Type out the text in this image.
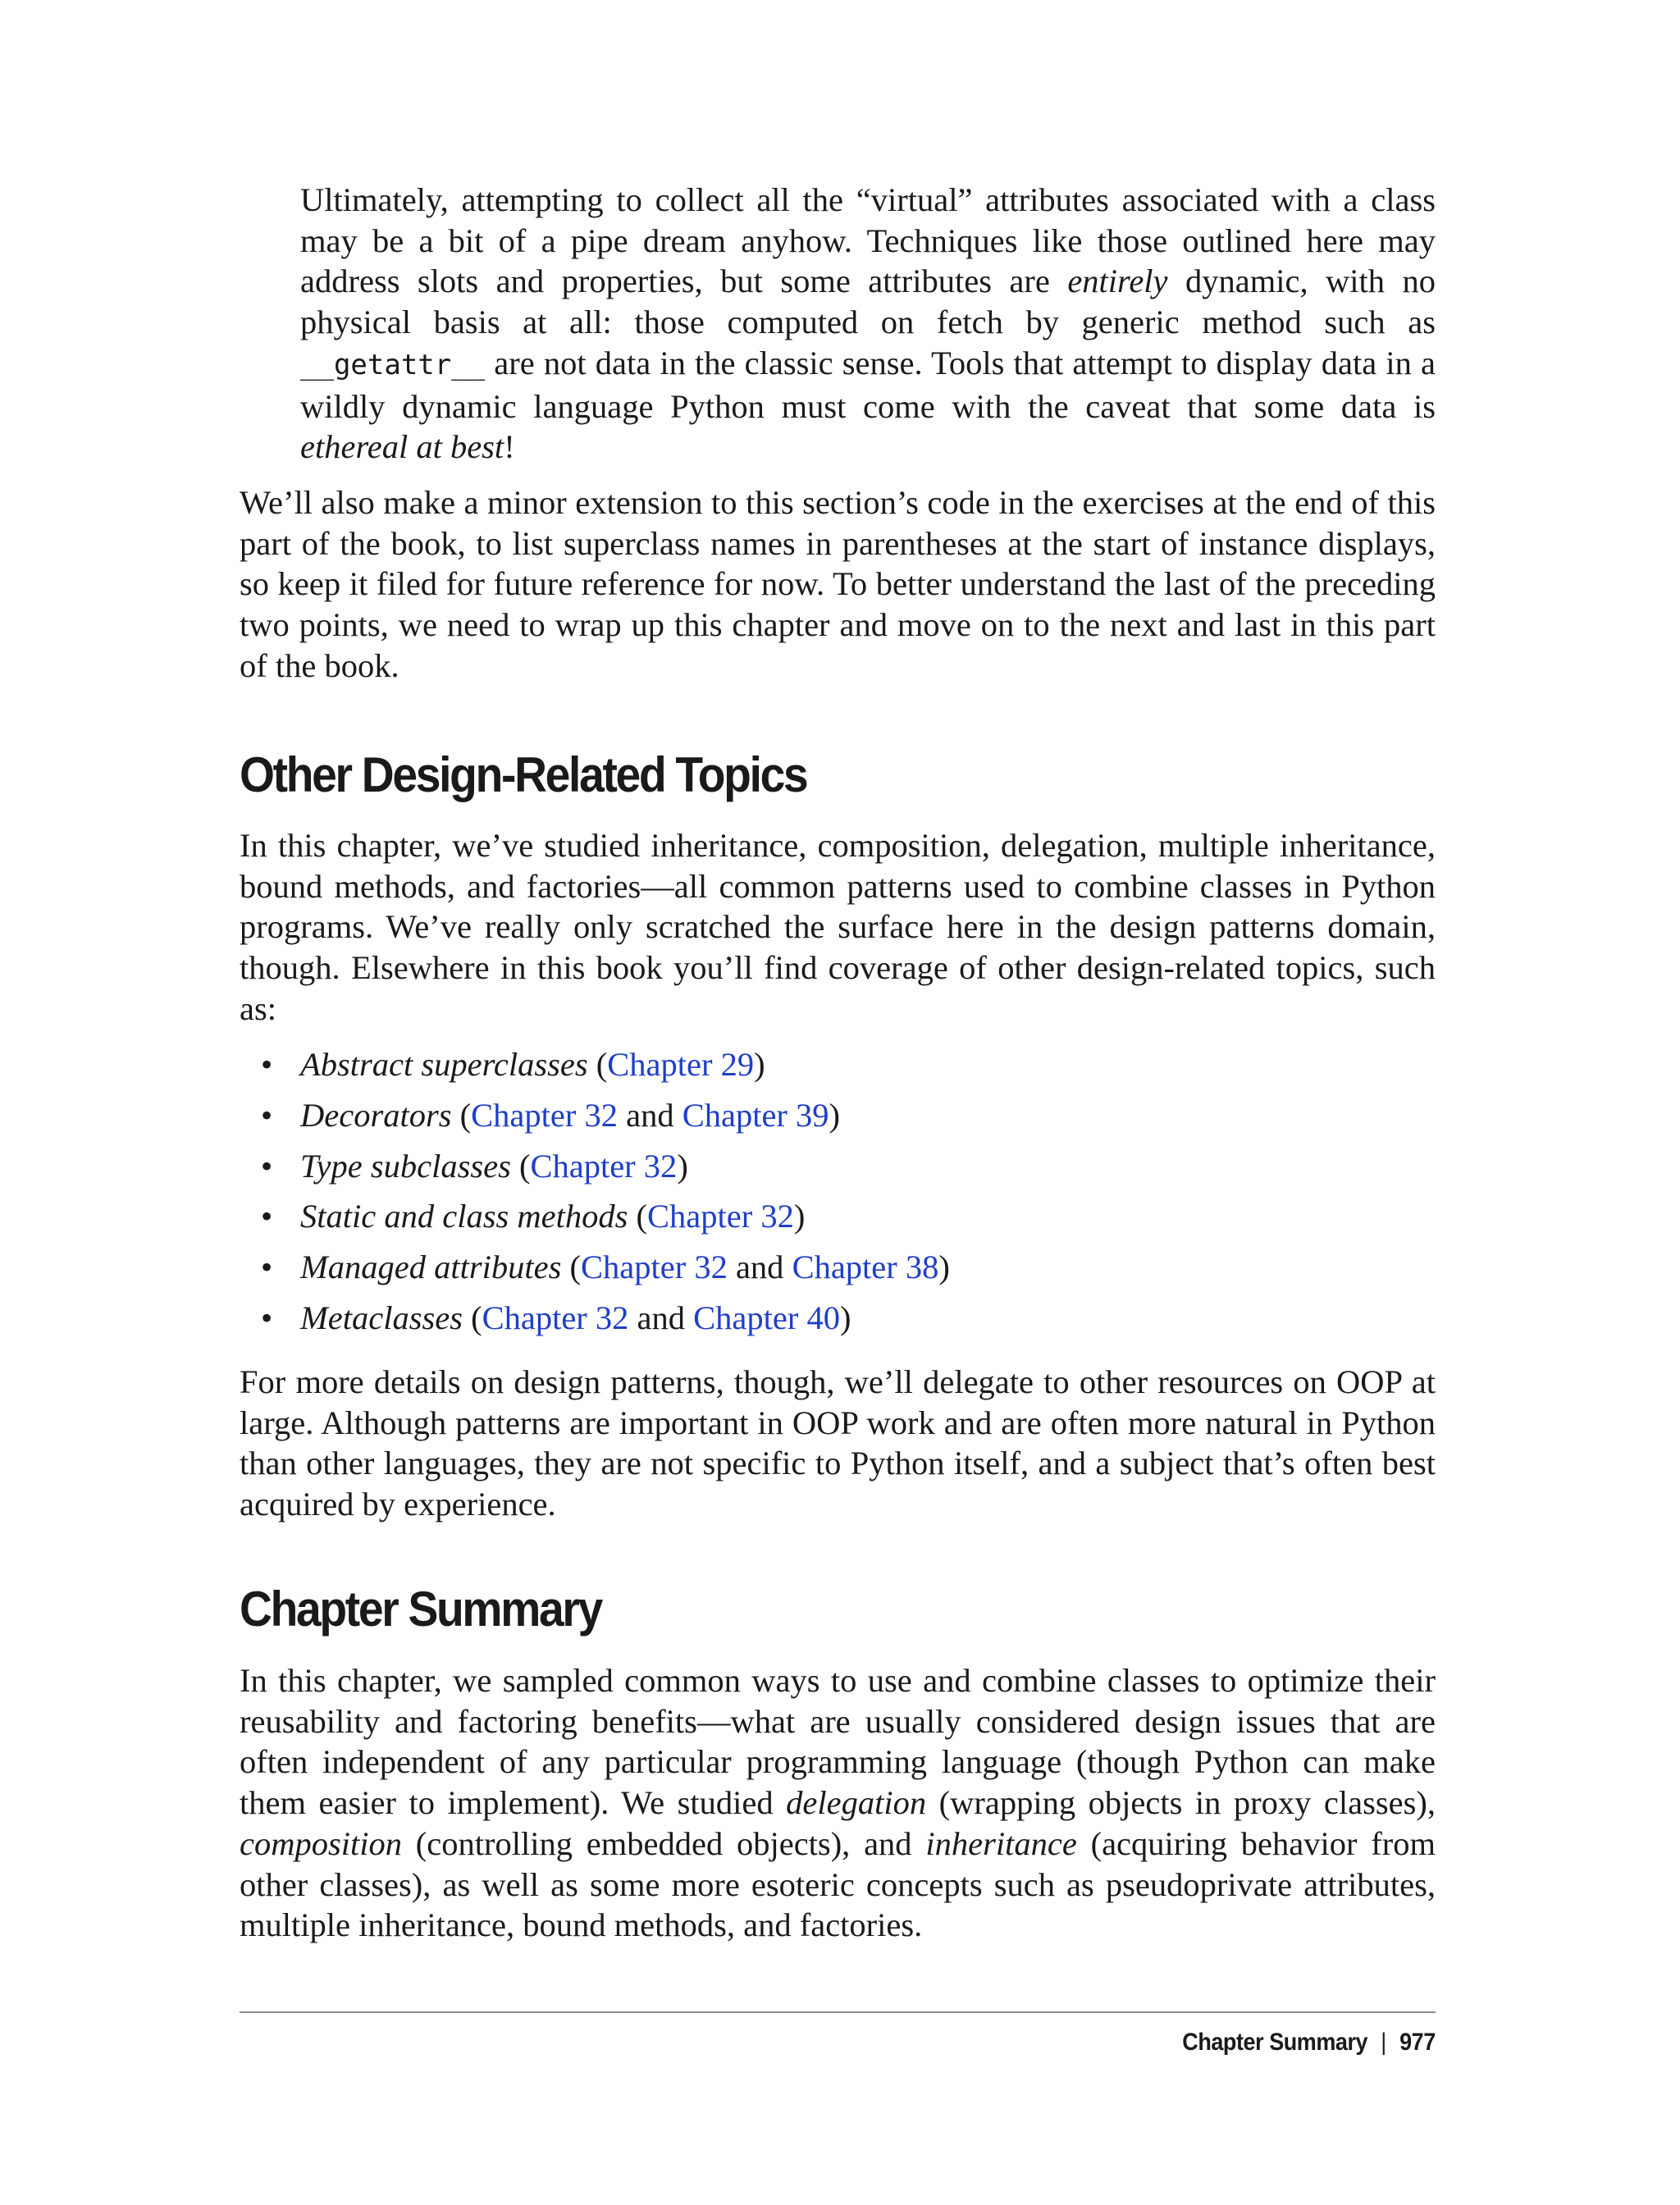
Ultimately, attempting to collect all the “virtual” attributes associated with a class may be a bit of a pipe dream anyhow. Techniques like those outlined here may address slots and properties, but some attributes are entirely dynamic, with no physical basis at all: those computed on fetch by generic method such as __getattr__ are not data in the classic sense. Tools that attempt to display data in a wildly dynamic language Python must come with the caveat that some data is ethereal at best!

We’ll also make a minor extension to this section’s code in the exercises at the end of this part of the book, to list superclass names in parentheses at the start of instance displays, so keep it filed for future reference for now. To better understand the last of the preceding two points, we need to wrap up this chapter and move on to the next and last in this part of the book.

Other Design-Related Topics

In this chapter, we’ve studied inheritance, composition, delegation, multiple inheritance, bound methods, and factories—all common patterns used to combine classes in Python programs. We’ve really only scratched the surface here in the design patterns domain, though. Elsewhere in this book you’ll find coverage of other design-related topics, such as:

• Abstract superclasses (Chapter 29)
• Decorators (Chapter 32 and Chapter 39)
• Type subclasses (Chapter 32)
• Static and class methods (Chapter 32)
• Managed attributes (Chapter 32 and Chapter 38)
• Metaclasses (Chapter 32 and Chapter 40)

For more details on design patterns, though, we’ll delegate to other resources on OOP at large. Although patterns are important in OOP work and are often more natural in Python than other languages, they are not specific to Python itself, and a subject that’s often best acquired by experience.

Chapter Summary

In this chapter, we sampled common ways to use and combine classes to optimize their reusability and factoring benefits—what are usually considered design issues that are often independent of any particular programming language (though Python can make them easier to implement). We studied delegation (wrapping objects in proxy classes), composition (controlling embedded objects), and inheritance (acquiring behavior from other classes), as well as some more esoteric concepts such as pseudoprivate attributes, multiple inheritance, bound methods, and factories.

Chapter Summary | 977
